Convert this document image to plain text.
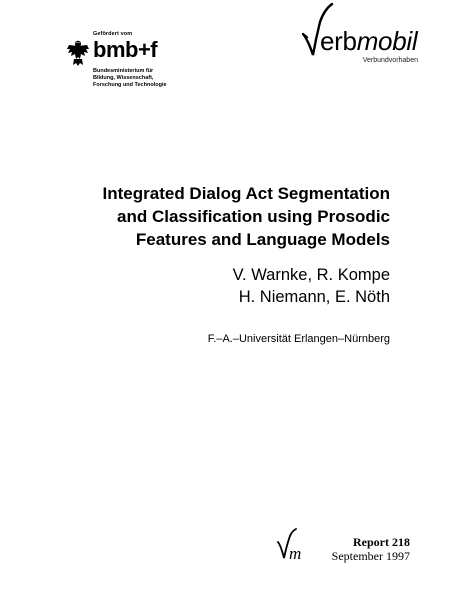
Gefördert vom
bmb+f
Bundesministerium für
Bildung, Wissenschaft,
Forschung und Technologie
erbmobil
Verbundvorhaben
Integrated Dialog Act Segmentation
and Classification using Prosodic
Features and Language Models
V. Warnke, R. Kompe
H. Niemann, E. Nöth
F.–A.–Universität Erlangen–Nürnberg
m
Report 218
September 1997
